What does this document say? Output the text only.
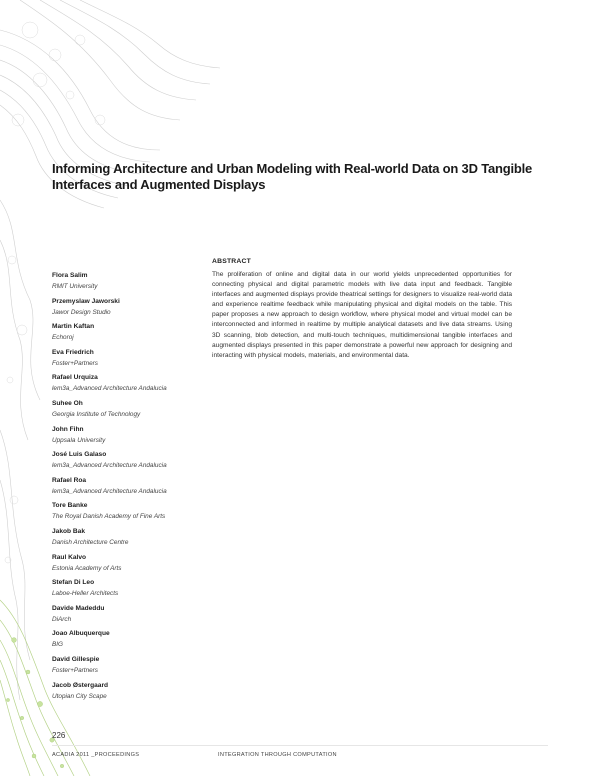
Informing Architecture and Urban Modeling with Real-world Data on 3D Tangible Interfaces and Augmented Displays
Flora Salim
RMIT University
Przemyslaw Jaworski
Jawor Design Studio
Martin Kaftan
Echoroj
Eva Friedrich
Foster+Partners
Rafael Urquiza
lem3a_Advanced Architecture Andalucia
Suhee Oh
Georgia Institute of Technology
John Fihn
Uppsala University
José Luis Galaso
lem3a_Advanced Architecture Andalucia
Rafael Roa
lem3a_Advanced Architecture Andalucia
Tore Banke
The Royal Danish Academy of Fine Arts
Jakob Bak
Danish Architecture Centre
Raul Kalvo
Estonia Academy of Arts
Stefan Di Leo
Laboe-Heller Architects
Davide Madeddu
DiArch
Joao Albuquerque
BIG
David Gillespie
Foster+Partners
Jacob Østergaard
Utopian City Scape
ABSTRACT
The proliferation of online and digital data in our world yields unprecedented opportunities for connecting physical and digital parametric models with live data input and feedback. Tangible interfaces and augmented displays provide theatrical settings for designers to visualize real-world data and experience realtime feedback while manipulating physical and digital models on the table. This paper proposes a new approach to design workflow, where physical model and virtual model can be interconnected and informed in realtime by multiple analytical datasets and live data streams. Using 3D scanning, blob detection, and multi-touch techniques, multidimensional tangible interfaces and augmented displays presented in this paper demonstrate a powerful new approach for designing and interacting with physical models, materials, and environmental data.
226
ACADIA 2011 _PROCEEDINGS	INTEGRATION THROUGH COMPUTATION
